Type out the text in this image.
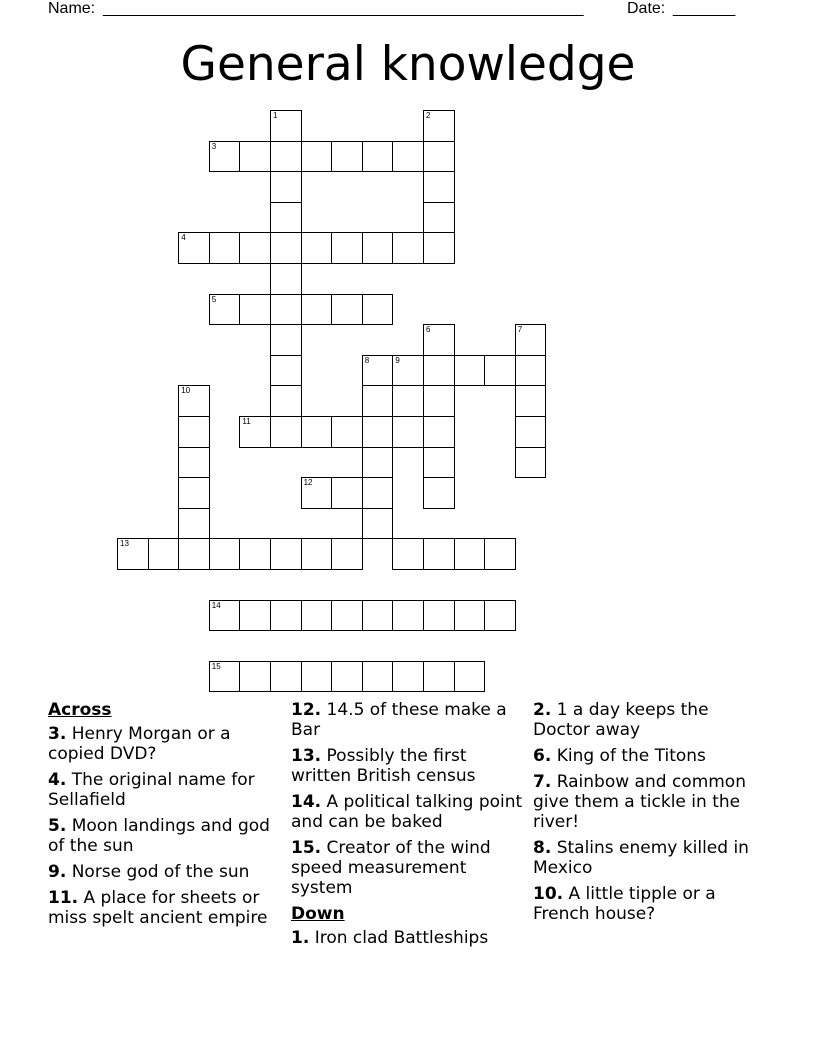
Name: ______________________________________________________	Date: _______
General knowledge
1
3
2
4
5
6	7
8	9
10
11
12
13
14
15
Across
3. Henry Morgan or a copied DVD?
4. The original name for Sellafield
5. Moon landings and god of the sun
9. Norse god of the sun
11. A place for sheets or miss spelt ancient empire
12. 14.5 of these make a Bar
13. Possibly the first written British census
14. A political talking point and can be baked
15. Creator of the wind speed measurement system
Down
1. Iron clad Battleships
2. 1 a day keeps the Doctor away
6. King of the Titons
7. Rainbow and common give them a tickle in the river!
8. Stalins enemy killed in Mexico
10. A little tipple or a French house?
